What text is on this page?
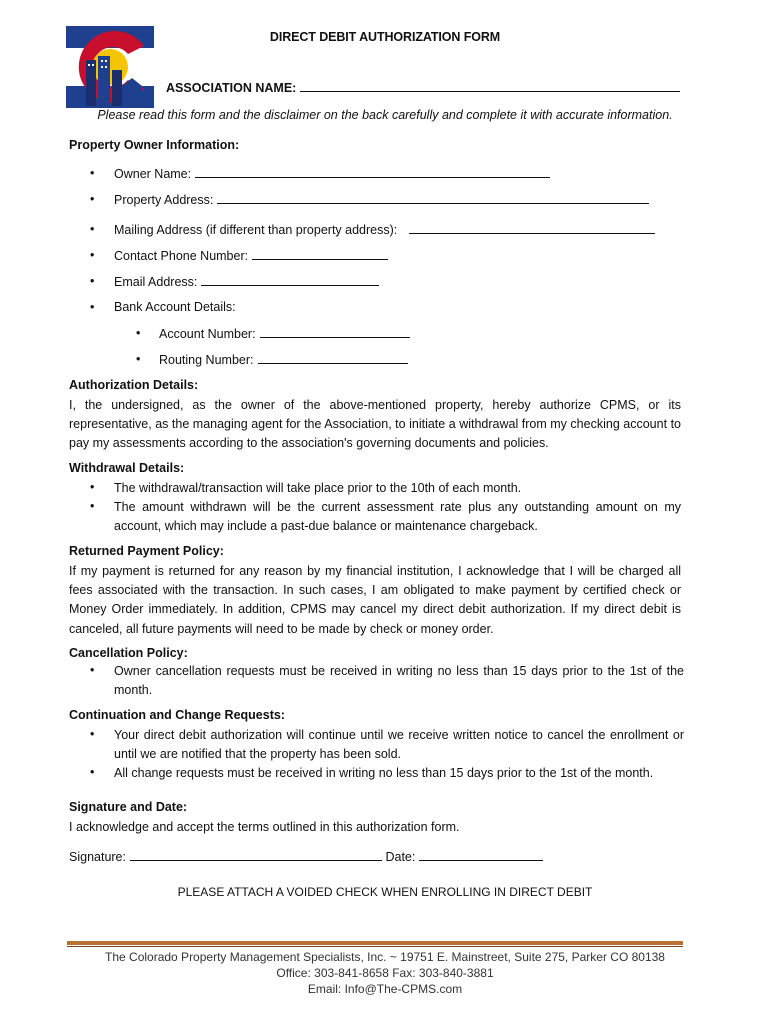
DIRECT DEBIT AUTHORIZATION FORM
ASSOCIATION NAME:
Please read this form and the disclaimer on the back carefully and complete it with accurate information.
Property Owner Information:
• Owner Name:
• Property Address:
• Mailing Address (if different than property address):
• Contact Phone Number:
• Email Address:
• Bank Account Details:
• Account Number:
• Routing Number:
Authorization Details:
I, the undersigned, as the owner of the above-mentioned property, hereby authorize CPMS, or its representative, as the managing agent for the Association, to initiate a withdrawal from my checking account to pay my assessments according to the association's governing documents and policies.
Withdrawal Details:
• The withdrawal/transaction will take place prior to the 10th of each month.
• The amount withdrawn will be the current assessment rate plus any outstanding amount on my account, which may include a past-due balance or maintenance chargeback.
Returned Payment Policy:
If my payment is returned for any reason by my financial institution, I acknowledge that I will be charged all fees associated with the transaction. In such cases, I am obligated to make payment by certified check or Money Order immediately. In addition, CPMS may cancel my direct debit authorization. If my direct debit is canceled, all future payments will need to be made by check or money order.
Cancellation Policy:
• Owner cancellation requests must be received in writing no less than 15 days prior to the 1st of the month.
Continuation and Change Requests:
• Your direct debit authorization will continue until we receive written notice to cancel the enrollment or until we are notified that the property has been sold.
• All change requests must be received in writing no less than 15 days prior to the 1st of the month.
Signature and Date:
I acknowledge and accept the terms outlined in this authorization form.
Signature:	Date:
PLEASE ATTACH A VOIDED CHECK WHEN ENROLLING IN DIRECT DEBIT
The Colorado Property Management Specialists, Inc. ~ 19751 E. Mainstreet, Suite 275, Parker CO 80138
Office: 303-841-8658 Fax: 303-840-3881
Email: Info@The-CPMS.com
